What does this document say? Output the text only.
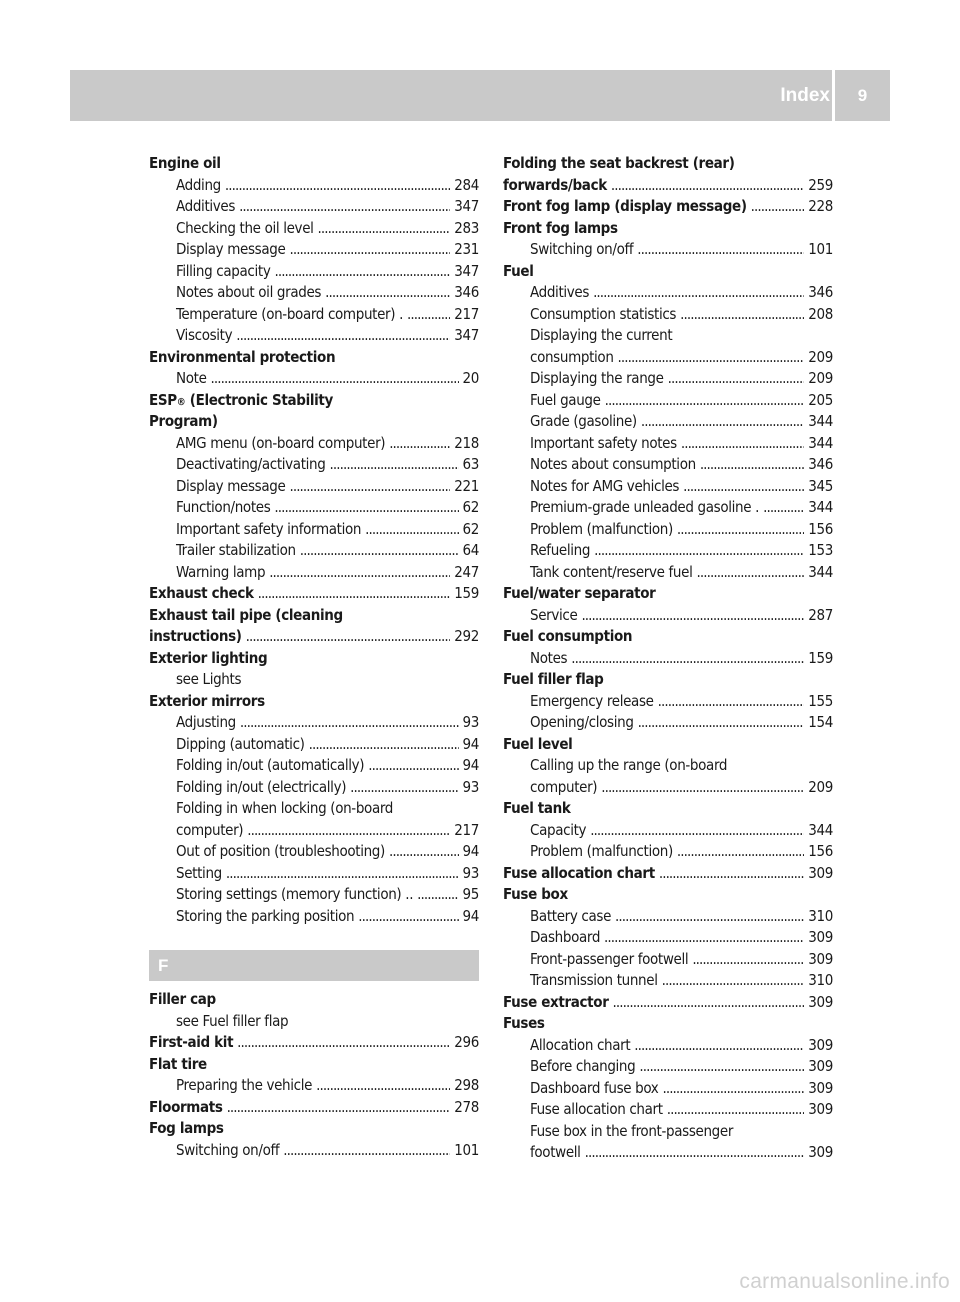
Index	9
Engine oil
Adding . . .	284
Additives . . .	347
Checking the oil level . . .	283
Display message . . .	231
Filling capacity . . .	347
Notes about oil grades . . .	346
Temperature (on-board computer) . . . .	217
Viscosity . . .	347
Environmental protection
Note . . .	20
ESP ® (Electronic Stability
Program)
AMG menu (on-board computer) . . .	218
Deactivating/activating . . .	63
Display message . . .	221
Function/notes . . .	62
Important safety information . . .	62
Trailer stabilization . . .	64
Warning lamp . . .	247
Exhaust check . . .	159
Exhaust tail pipe (cleaning
instructions) . . .	292
Exterior lighting
see Lights
Exterior mirrors
Adjusting . . .	93
Dipping (automatic) . . .	94
Folding in/out (automatically) . . .	94
Folding in/out (electrically) . . .	93
Folding in when locking (on-board
computer) . . .	217
Out of position (troubleshooting) . . .	94
Setting . . .	93
Storing settings (memory function) .. . . .	95
Storing the parking position . . .	94
F
Filler cap
see Fuel filler flap
First-aid kit . . .	296
Flat tire
Preparing the vehicle . . .	298
Floormats . . .	278
Fog lamps
Switching on/off . . .	101
Folding the seat backrest (rear)
forwards/back . . .	259
Front fog lamp (display message) . . .	228
Front fog lamps
Switching on/off . . .	101
Fuel
Additives . . .	346
Consumption statistics . . .	208
Displaying the current
consumption . . .	209
Displaying the range . . .	209
Fuel gauge . . .	205
Grade (gasoline) . . .	344
Important safety notes . . .	344
Notes about consumption . . .	346
Notes for AMG vehicles . . .	345
Premium-grade unleaded gasoline . . . .	344
Problem (malfunction) . . .	156
Refueling . . .	153
Tank content/reserve fuel . . .	344
Fuel/water separator
Service . . .	287
Fuel consumption
Notes . . .	159
Fuel filler flap
Emergency release . . .	155
Opening/closing . . .	154
Fuel level
Calling up the range (on-board
computer) . . .	209
Fuel tank
Capacity . . .	344
Problem (malfunction) . . .	156
Fuse allocation chart . . .	309
Fuse box
Battery case . . .	310
Dashboard . . .	309
Front-passenger footwell . . .	309
Transmission tunnel . . .	310
Fuse extractor . . .	309
Fuses
Allocation chart . . .	309
Before changing . . .	309
Dashboard fuse box . . .	309
Fuse allocation chart . . .	309
Fuse box in the front-passenger
footwell . . .	309
carmanualsonline.info
